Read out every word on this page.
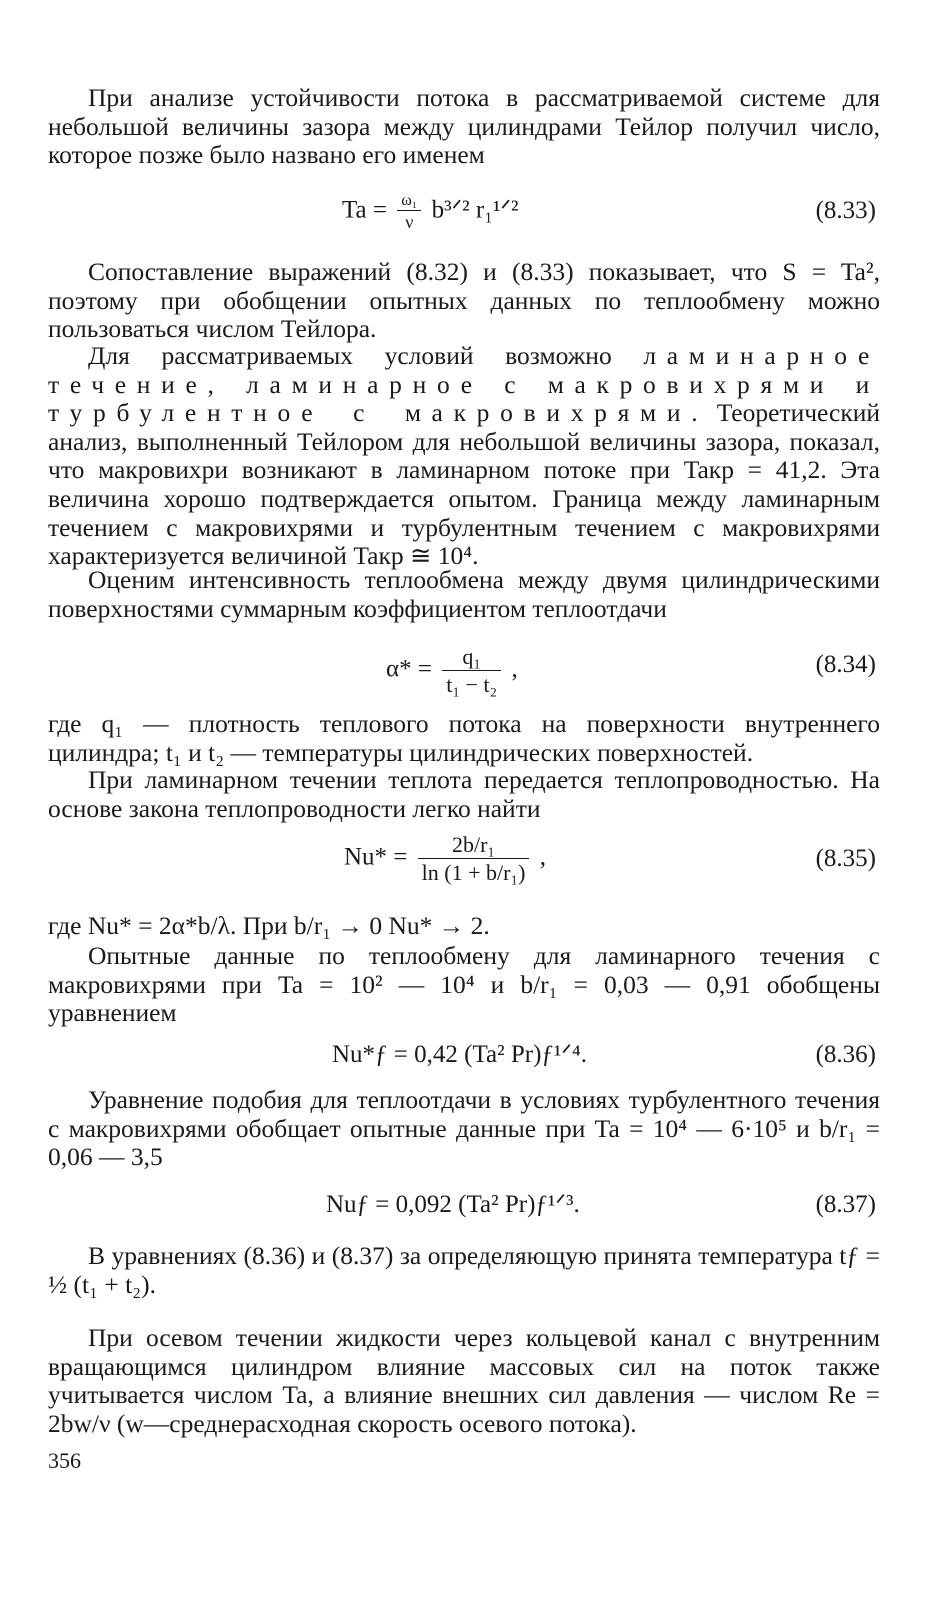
При анализе устойчивости потока в рассматриваемой системе для небольшой величины зазора между цилиндрами Тейлор получил число, которое позже было названо его именем

$Ta = \frac{\text{ω₁}}{\nu}$ b³ᐟ² r₁¹ᐟ²	(8.33)

Сопоставление выражений (8.32) и (8.33) показывает, что S = Ta², поэтому при обобщении опытных данных по теплообмену можно пользоваться числом Тейлора.

Для рассматриваемых условий возможно ламинарное течение, ламинарное с макровихрями и турбулентное с макровихрями. Теоретический анализ, выполненный Тейлором для небольшой величины зазора, показал, что макровихри возникают в ламинарном потоке при Taкр = 41,2. Эта величина хорошо подтверждается опытом. Граница между ламинарным течением с макровихрями и турбулентным течением с макровихрями характеризуется величиной Taкр ≅ 10⁴.

Оценим интенсивность теплообмена между двумя цилиндрическими поверхностями суммарным коэффициентом теплоотдачи

$\alpha* = \frac{\text{q₁}}{\text{t₁ − t₂}}$ ,	(8.34)

где q₁ — плотность теплового потока на поверхности внутреннего цилиндра; t₁ и t₂ — температуры цилиндрических поверхностей.

При ламинарном течении теплота передается теплопроводностью. На основе закона теплопроводности легко найти

$Nu* = \frac{\text{2b/r₁}}{\text{ln (1 + b/r₁)}}$ ,	(8.35)

где Nu* = 2α*b/λ. При b/r₁ → 0 Nu* → 2.

Опытные данные по теплообмену для ламинарного течения с макровихрями при Ta = 10² — 10⁴ и b/r₁ = 0,03 — 0,91 обобщены уравнением

Nu*ƒ = 0,42 (Ta² Pr)ƒ¹ᐟ⁴.	(8.36)

Уравнение подобия для теплоотдачи в условиях турбулентного течения с макровихрями обобщает опытные данные при Ta = 10⁴ — 6·10⁵ и b/r₁ = 0,06 — 3,5

Nuƒ = 0,092 (Ta² Pr)ƒ¹ᐟ³.	(8.37)

В уравнениях (8.36) и (8.37) за определяющую принята температура tƒ = ½ (t₁ + t₂).

При осевом течении жидкости через кольцевой канал с внутренним вращающимся цилиндром влияние массовых сил на поток также учитывается числом Ta, а влияние внешних сил давления — числом Re = 2bw/ν (w—среднерасходная скорость осевого потока).

356
